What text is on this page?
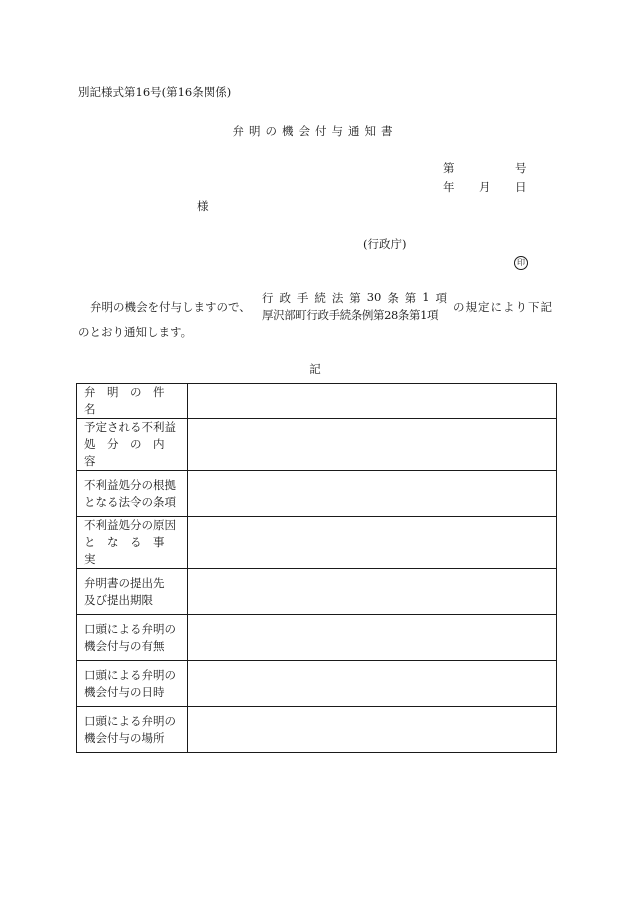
別記様式第16号(第16条関係)
弁明の機会付与通知書
第	号
年 月 日
様
(行政庁)
印
弁明の機会を付与しますので、
行 政 手 続 法 第 30 条 第 1 項
厚沢部町行政手続条例第28条第1項
の規定により下記
のとおり通知します。
記
弁　明　の　件　名	

予定される不利益
処　分　の　内　容	

不利益処分の根拠
となる法令の条項	

不利益処分の原因
と　な　る　事　実	

弁明書の提出先
及び提出期限	

口頭による弁明の
機会付与の有無	

口頭による弁明の
機会付与の日時	

口頭による弁明の
機会付与の場所	
